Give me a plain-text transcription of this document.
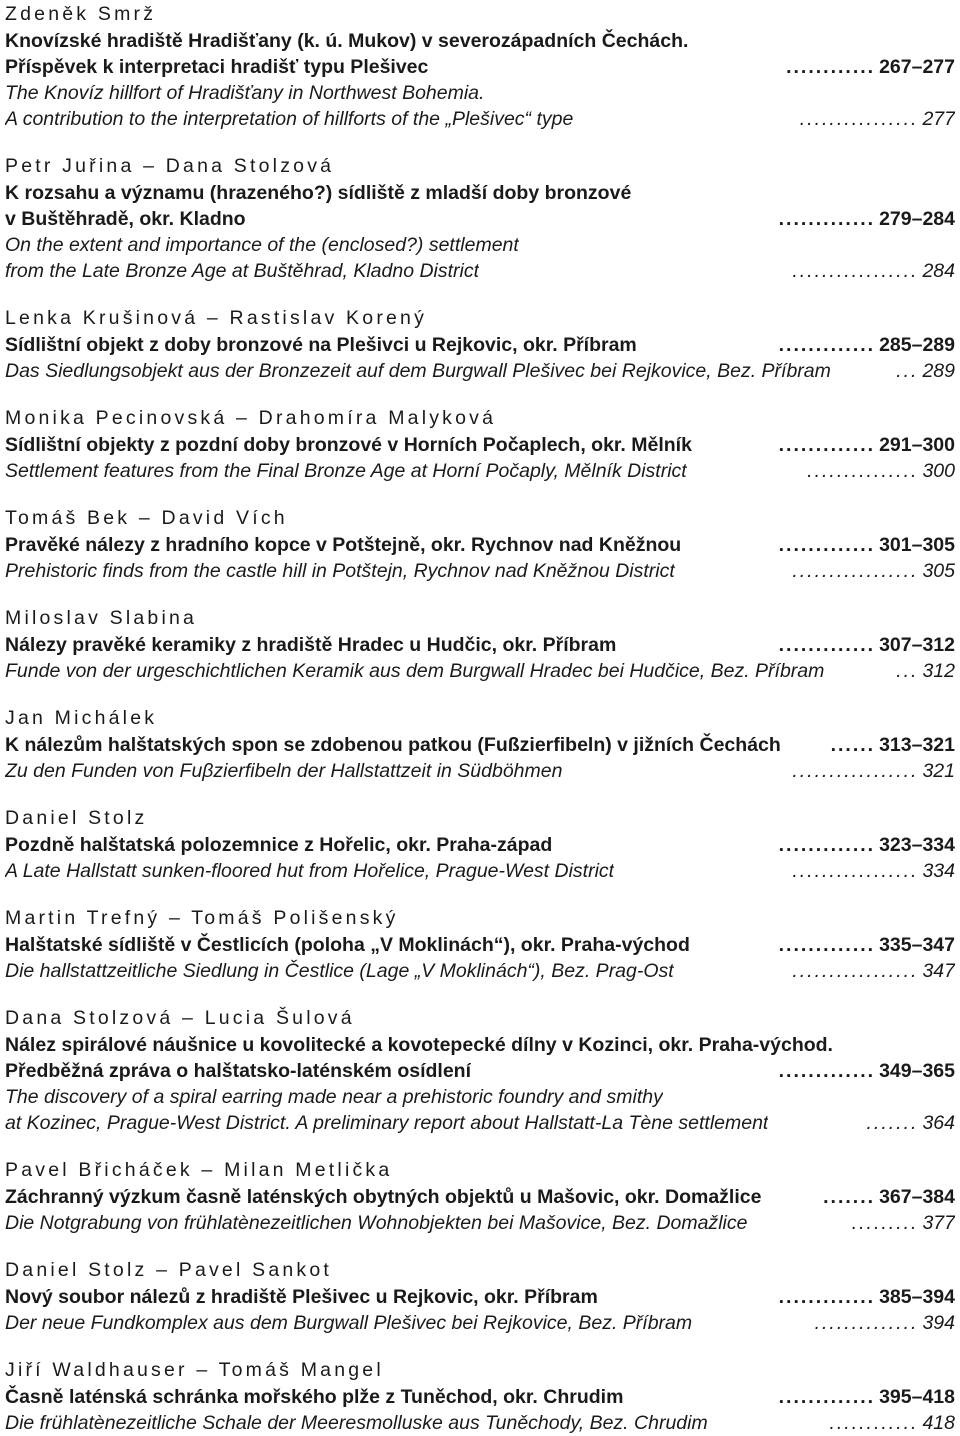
Zdeněk Smrž
Knovízské hradiště Hradišťany (k. ú. Mukov) v severozápadních Čechách.
Příspěvek k interpretaci hradišť typu Plešivec	............ 267–277
The Knovíz hillfort of Hradišťany in Northwest Bohemia.
A contribution to the interpretation of hillforts of the „Plešivec“ type	................ 277
Petr Juřina – Dana Stolzová
K rozsahu a významu (hrazeného?) sídliště z mladší doby bronzové
v Buštěhradě, okr. Kladno	............. 279–284
On the extent and importance of the (enclosed?) settlement
from the Late Bronze Age at Buštěhrad, Kladno District	................. 284
Lenka Krušinová – Rastislav Korený
Sídlištní objekt z doby bronzové na Plešivci u Rejkovic, okr. Příbram	............. 285–289
Das Siedlungsobjekt aus der Bronzezeit auf dem Burgwall Plešivec bei Rejkovice, Bez. Příbram	... 289
Monika Pecinovská – Drahomíra Malyková
Sídlištní objekty z pozdní doby bronzové v Horních Počaplech, okr. Mělník	............. 291–300
Settlement features from the Final Bronze Age at Horní Počaply, Mělník District	............... 300
Tomáš Bek – David Vích
Pravěké nálezy z hradního kopce v Potštejně, okr. Rychnov nad Kněžnou	............. 301–305
Prehistoric finds from the castle hill in Potštejn, Rychnov nad Kněžnou District	................. 305
Miloslav Slabina
Nálezy pravěké keramiky z hradiště Hradec u Hudčic, okr. Příbram	............. 307–312
Funde von der urgeschichtlichen Keramik aus dem Burgwall Hradec bei Hudčice, Bez. Příbram	... 312
Jan Michálek
K nálezům halštatských spon se zdobenou patkou (Fußzierfibeln) v jižních Čechách	...... 313–321
Zu den Funden von Fuβzierfibeln der Hallstattzeit in Südböhmen	................. 321
Daniel Stolz
Pozdně halštatská polozemnice z Hořelic, okr. Praha-západ	............. 323–334
A Late Hallstatt sunken-floored hut from Hořelice, Prague-West District	................. 334
Martin Trefný – Tomáš Polišenský
Halštatské sídliště v Čestlicích (poloha „V Moklinách“), okr. Praha-východ	............. 335–347
Die hallstattzeitliche Siedlung in Čestlice (Lage „V Moklinách“), Bez. Prag-Ost	................. 347
Dana Stolzová – Lucia Šulová
Nález spirálové náušnice u kovolitecké a kovotepecké dílny v Kozinci, okr. Praha-východ.
Předběžná zpráva o halštatsko-laténském osídlení	............. 349–365
The discovery of a spiral earring made near a prehistoric foundry and smithy
at Kozinec, Prague-West District. A preliminary report about Hallstatt-La Tène settlement	....... 364
Pavel Břicháček – Milan Metlička
Záchranný výzkum časně laténských obytných objektů u Mašovic, okr. Domažlice	....... 367–384
Die Notgrabung von frühlatènezeitlichen Wohnobjekten bei Mašovice, Bez. Domažlice	......... 377
Daniel Stolz – Pavel Sankot
Nový soubor nálezů z hradiště Plešivec u Rejkovic, okr. Příbram	............. 385–394
Der neue Fundkomplex aus dem Burgwall Plešivec bei Rejkovice, Bez. Příbram	.............. 394
Jiří Waldhauser – Tomáš Mangel
Časně laténská schránka mořského plže z Tuněchod, okr. Chrudim	............. 395–418
Die frühlatènezeitliche Schale der Meeresmolluske aus Tuněchody, Bez. Chrudim	............ 418
